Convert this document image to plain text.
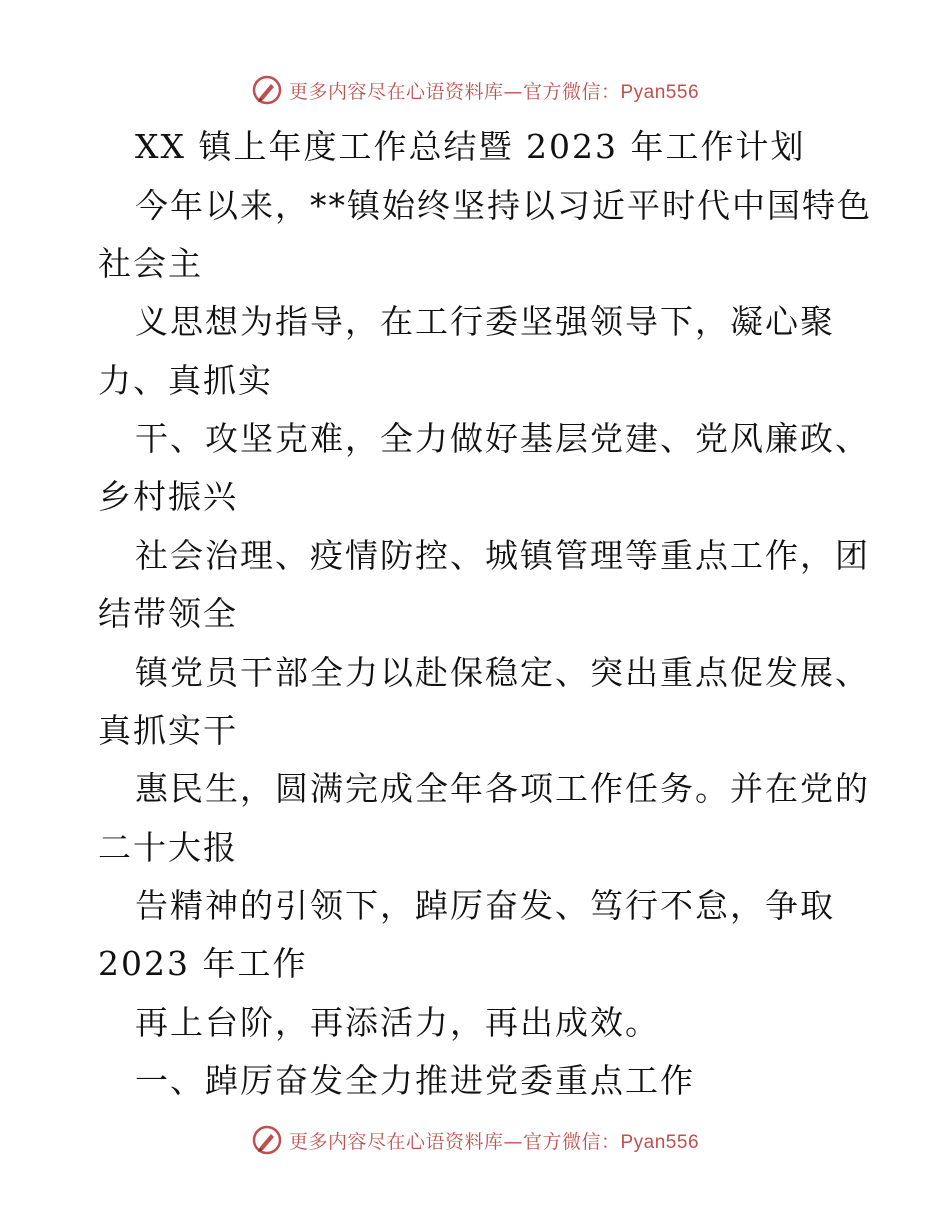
更多内容尽在心语资料库—官方微信：Pyan556
XX 镇上年度工作总结暨 2023 年工作计划
今年以来，**镇始终坚持以习近平时代中国特色
社会主
义思想为指导，在工行委坚强领导下，凝心聚
力、真抓实
干、攻坚克难，全力做好基层党建、党风廉政、
乡村振兴
社会治理、疫情防控、城镇管理等重点工作，团
结带领全
镇党员干部全力以赴保稳定、突出重点促发展、
真抓实干
惠民生，圆满完成全年各项工作任务。并在党的
二十大报
告精神的引领下，踔厉奋发、笃行不怠，争取
2023 年工作
再上台阶，再添活力，再出成效。
一、踔厉奋发全力推进党委重点工作
更多内容尽在心语资料库—官方微信：Pyan556
